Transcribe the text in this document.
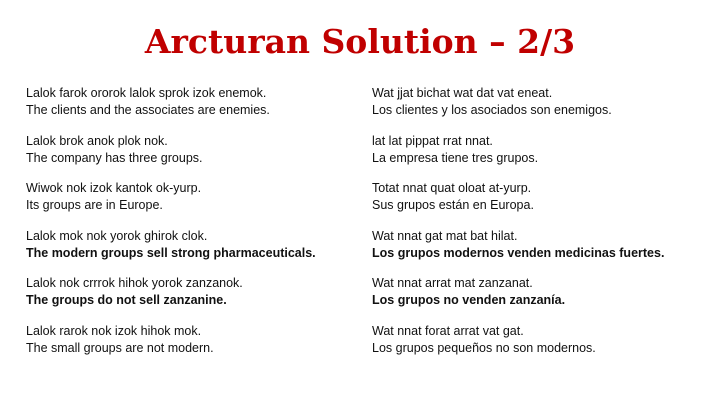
Arcturan Solution – 2/3
Lalok farok ororok lalok sprok izok enemok.
The clients and the associates are enemies.
Lalok brok anok plok nok.
The company has three groups.
Wiwok nok izok kantok ok-yurp.
Its groups are in Europe.
Lalok mok nok yorok ghirok clok.
The modern groups sell strong pharmaceuticals.
Lalok nok crrrok hihok yorok zanzanok.
The groups do not sell zanzanine.
Lalok rarok nok izok hihok mok.
The small groups are not modern.
Wat jjat bichat wat dat vat eneat.
Los clientes y los asociados son enemigos.
lat lat pippat rrat nnat.
La empresa tiene tres grupos.
Totat nnat quat oloat at-yurp.
Sus grupos están en Europa.
Wat nnat gat mat bat hilat.
Los grupos modernos venden medicinas fuertes.
Wat nnat arrat mat zanzanat.
Los grupos no venden zanzanía.
Wat nnat forat arrat vat gat.
Los grupos pequeños no son modernos.
